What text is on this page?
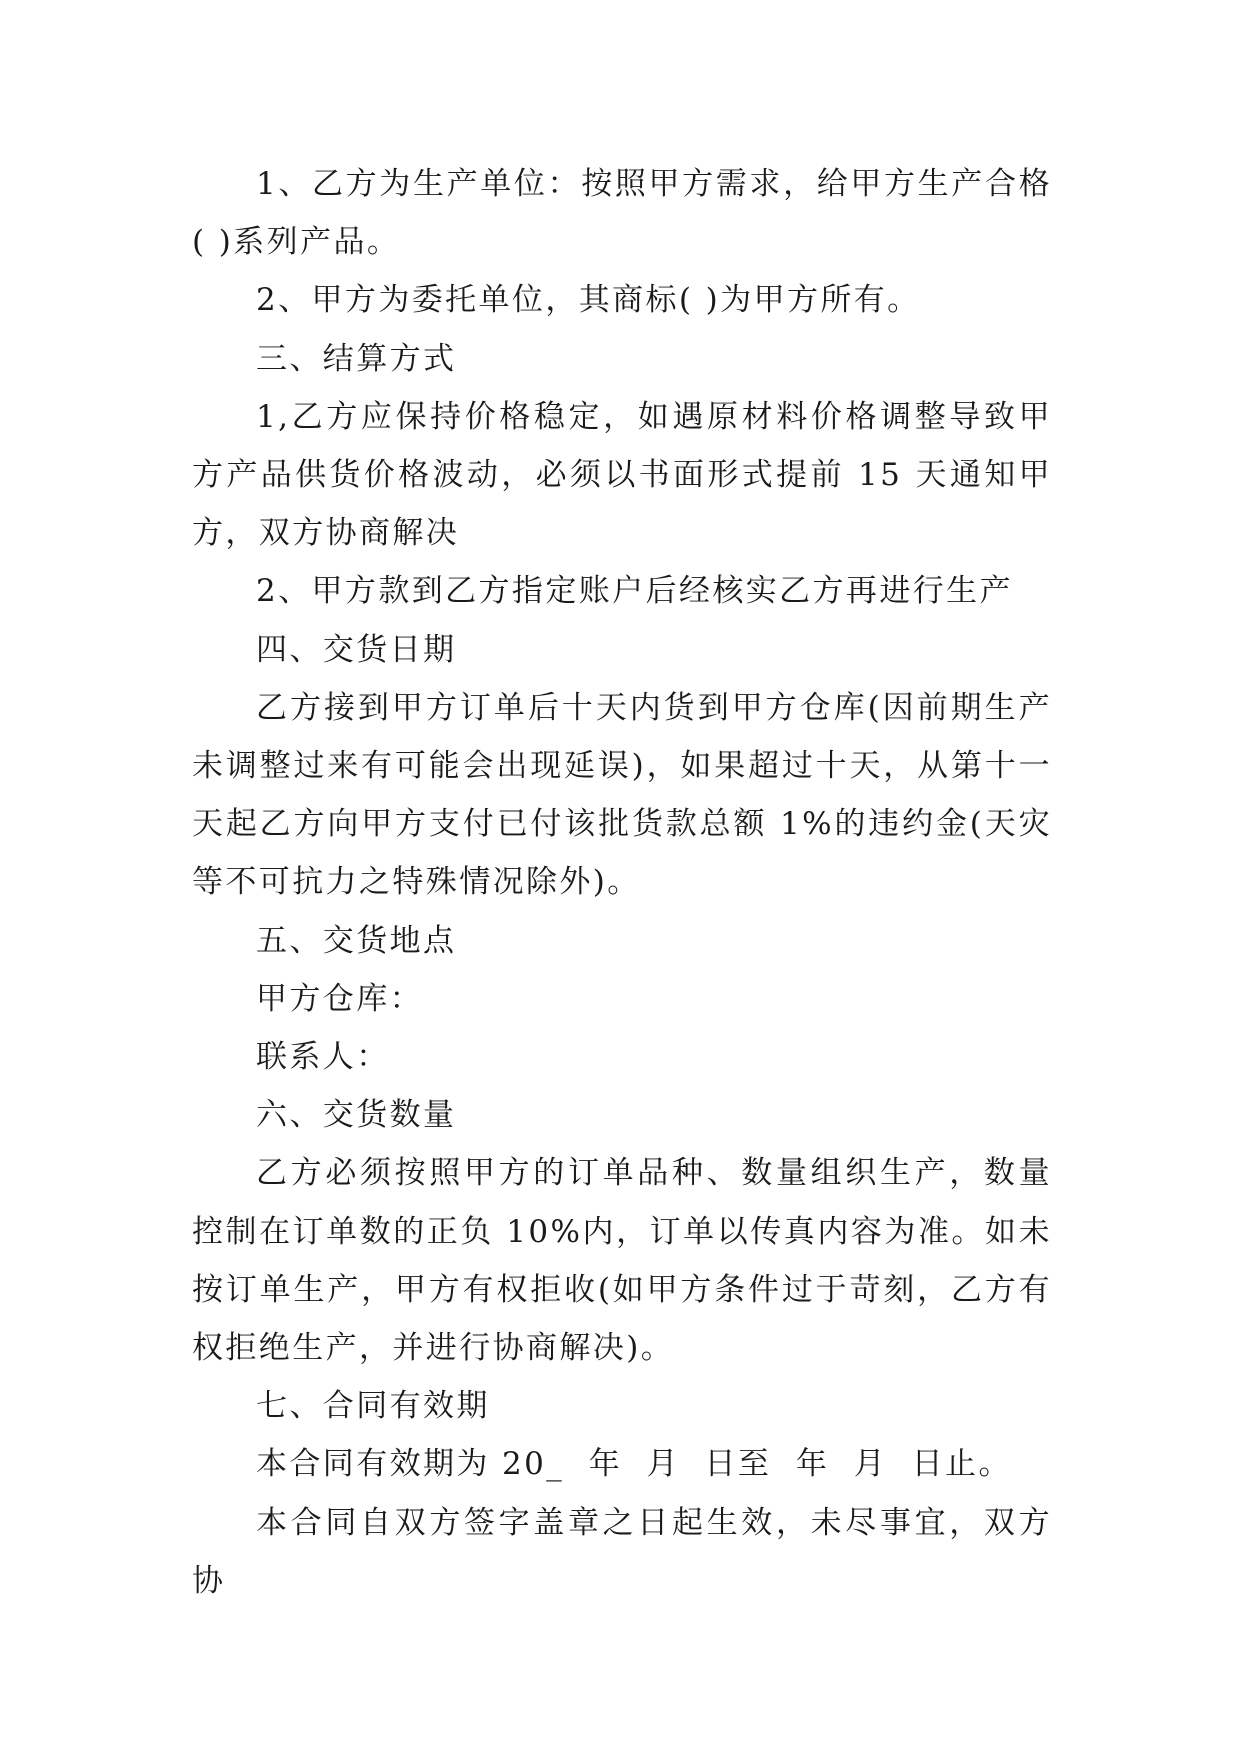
1、乙方为生产单位：按照甲方需求，给甲方生产合格( )系列产品。

2、甲方为委托单位，其商标( )为甲方所有。

三、结算方式

1,乙方应保持价格稳定，如遇原材料价格调整导致甲方产品供货价格波动，必须以书面形式提前 15 天通知甲方，双方协商解决

2、甲方款到乙方指定账户后经核实乙方再进行生产

四、交货日期

乙方接到甲方订单后十天内货到甲方仓库(因前期生产未调整过来有可能会出现延误)，如果超过十天，从第十一天起乙方向甲方支付已付该批货款总额 1%的违约金(天灾等不可抗力之特殊情况除外)。

五、交货地点

甲方仓库：

联系人：

六、交货数量

乙方必须按照甲方的订单品种、数量组织生产，数量控制在订单数的正负 10%内，订单以传真内容为准。如未按订单生产，甲方有权拒收(如甲方条件过于苛刻，乙方有权拒绝生产，并进行协商解决)。

七、合同有效期

本合同有效期为 20_  年  月  日至  年  月  日止。

本合同自双方签字盖章之日起生效，未尽事宜，双方协
